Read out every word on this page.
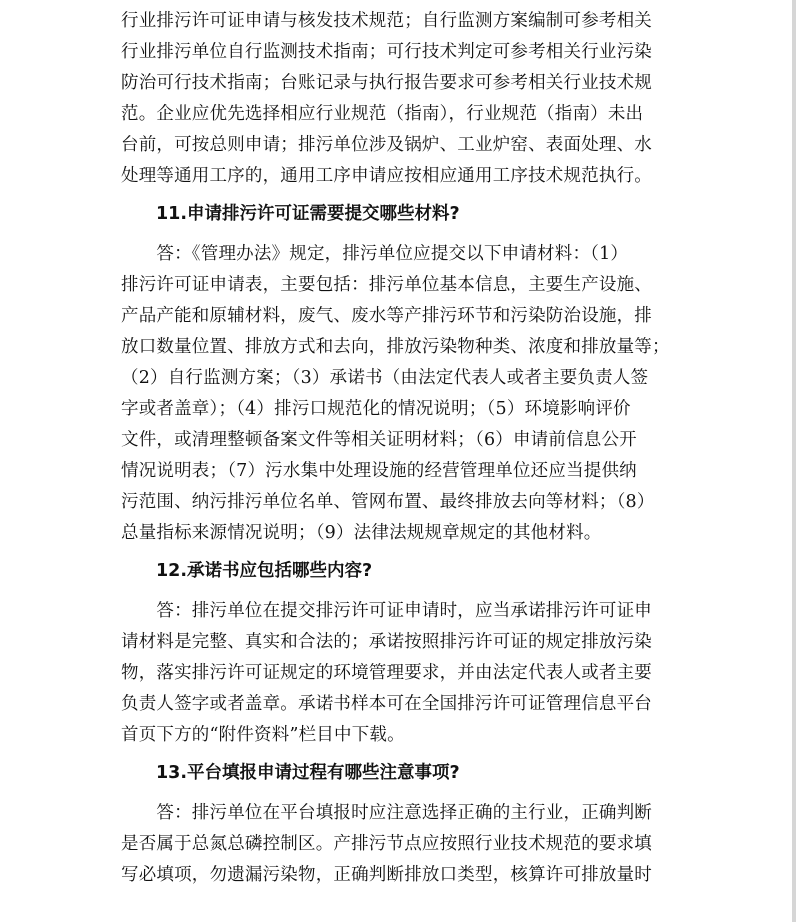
行业排污许可证申请与核发技术规范；自行监测方案编制可参考相关
行业排污单位自行监测技术指南；可行技术判定可参考相关行业污染
防治可行技术指南；台账记录与执行报告要求可参考相关行业技术规
范。企业应优先选择相应行业规范（指南），行业规范（指南）未出
台前，可按总则申请；排污单位涉及锅炉、工业炉窑、表面处理、水
处理等通用工序的，通用工序申请应按相应通用工序技术规范执行。

11.申请排污许可证需要提交哪些材料?

　　答：《管理办法》规定，排污单位应提交以下申请材料：（1）
排污许可证申请表，主要包括：排污单位基本信息，主要生产设施、
产品产能和原辅材料，废气、废水等产排污环节和污染防治设施，排
放口数量位置、排放方式和去向，排放污染物种类、浓度和排放量等；
（2）自行监测方案；（3）承诺书（由法定代表人或者主要负责人签
字或者盖章）；（4）排污口规范化的情况说明；（5）环境影响评价
文件，或清理整顿备案文件等相关证明材料；（6）申请前信息公开
情况说明表；（7）污水集中处理设施的经营管理单位还应当提供纳
污范围、纳污排污单位名单、管网布置、最终排放去向等材料；（8）
总量指标来源情况说明；（9）法律法规规章规定的其他材料。

12.承诺书应包括哪些内容?

　　答：排污单位在提交排污许可证申请时，应当承诺排污许可证申
请材料是完整、真实和合法的；承诺按照排污许可证的规定排放污染
物，落实排污许可证规定的环境管理要求，并由法定代表人或者主要
负责人签字或者盖章。承诺书样本可在全国排污许可证管理信息平台
首页下方的“附件资料”栏目中下载。

13.平台填报申请过程有哪些注意事项?

　　答：排污单位在平台填报时应注意选择正确的主行业，正确判断
是否属于总氮总磷控制区。产排污节点应按照行业技术规范的要求填
写必填项，勿遗漏污染物，正确判断排放口类型，核算许可排放量时
